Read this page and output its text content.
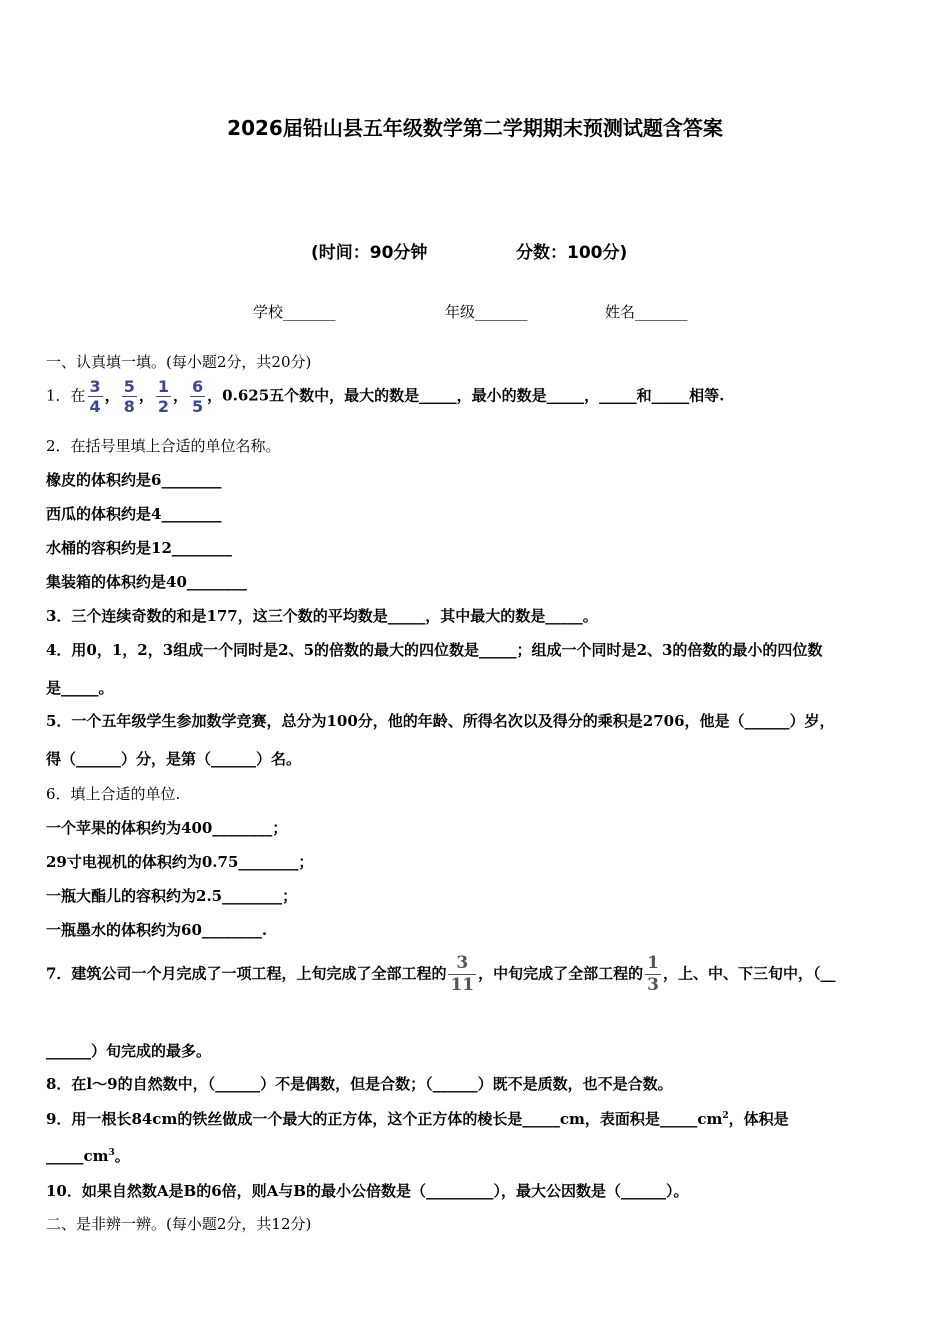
2026届铅山县五年级数学第二学期期末预测试题含答案
(时间：90分钟	分数：100分)
学校_______	年级_______	姓名_______
一、认真填一填。(每小题2分，共20分)
1．在 $\frac{3}{4}$ ， $\frac{5}{8}$ ， $\frac{1}{2}$ ， $\frac{6}{5}$ ，0.625五个数中，最大的数是_____，最小的数是_____，_____和_____相等.
2．在括号里填上合适的单位名称。
橡皮的体积约是6________
西瓜的体积约是4________
水桶的容积约是12________
集装箱的体积约是40________
3．三个连续奇数的和是177，这三个数的平均数是_____，其中最大的数是_____。
4．用0，1，2，3组成一个同时是2、5的倍数的最大的四位数是_____；组成一个同时是2、3的倍数的最小的四位数
是_____。
5．一个五年级学生参加数学竞赛，总分为100分，他的年龄、所得名次以及得分的乘积是2706，他是（______）岁，
得（______）分，是第（______）名。
6．填上合适的单位.
一个苹果的体积约为400________；
29寸电视机的体积约为0.75________；
一瓶大酯儿的容积约为2.5________；
一瓶墨水的体积约为60________.
7．建筑公司一个月完成了一项工程，上旬完成了全部工程的 $\frac{3}{11}$ ，中旬完成了全部工程的 $\frac{1}{3}$ ，上、中、下三旬中，（__
______）旬完成的最多。
8．在l～9的自然数中，（______）不是偶数，但是合数；（______）既不是质数，也不是合数。
9．用一根长84cm的铁丝做成一个最大的正方体，这个正方体的棱长是_____cm，表面积是$\_\_\_\_\_cm^2$，体积是
$\_\_\_\_\_cm^3$。
10．如果自然数A是B的6倍，则A与B的最小公倍数是（_________），最大公因数是（______）。
二、是非辨一辨。(每小题2分，共12分)
